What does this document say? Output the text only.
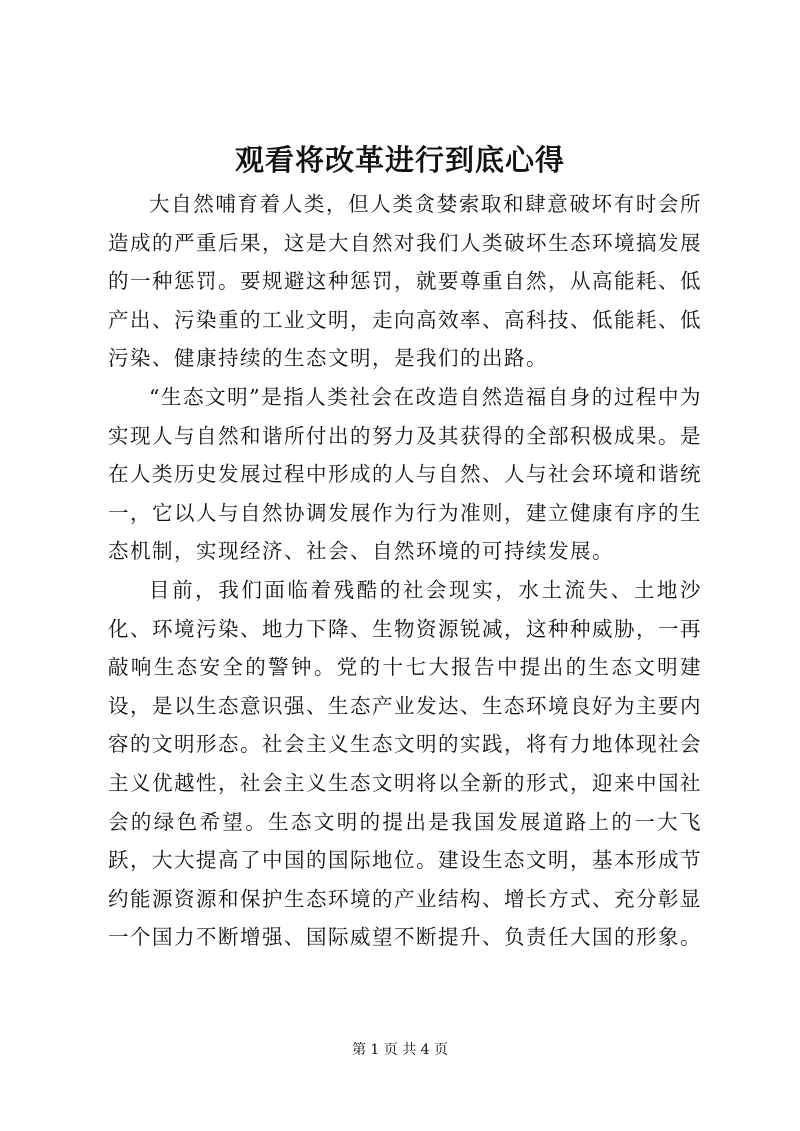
观看将改革进行到底心得

大自然哺育着人类，但人类贪婪索取和肆意破坏有时会所造成的严重后果，这是大自然对我们人类破坏生态环境搞发展的一种惩罚。要规避这种惩罚，就要尊重自然，从高能耗、低产出、污染重的工业文明，走向高效率、高科技、低能耗、低污染、健康持续的生态文明，是我们的出路。

“生态文明”是指人类社会在改造自然造福自身的过程中为实现人与自然和谐所付出的努力及其获得的全部积极成果。是在人类历史发展过程中形成的人与自然、人与社会环境和谐统一，它以人与自然协调发展作为行为准则，建立健康有序的生态机制，实现经济、社会、自然环境的可持续发展。

目前，我们面临着残酷的社会现实，水土流失、土地沙化、环境污染、地力下降、生物资源锐减，这种种威胁，一再敲响生态安全的警钟。党的十七大报告中提出的生态文明建设，是以生态意识强、生态产业发达、生态环境良好为主要内容的文明形态。社会主义生态文明的实践，将有力地体现社会主义优越性，社会主义生态文明将以全新的形式，迎来中国社会的绿色希望。生态文明的提出是我国发展道路上的一大飞跃，大大提高了中国的国际地位。建设生态文明，基本形成节约能源资源和保护生态环境的产业结构、增长方式、充分彰显一个国力不断增强、国际威望不断提升、负责任大国的形象。

第 1 页 共 4 页
